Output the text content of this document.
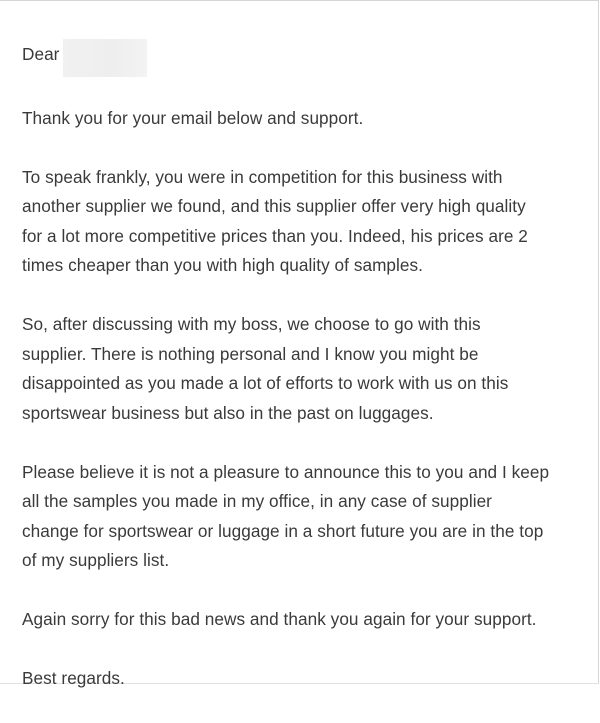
Dear
Thank you for your email below and support.
To speak frankly, you were in competition for this business with
another supplier we found, and this supplier offer very high quality
for a lot more competitive prices than you. Indeed, his prices are 2
times cheaper than you with high quality of samples.
So, after discussing with my boss, we choose to go with this
supplier. There is nothing personal and I know you might be
disappointed as you made a lot of efforts to work with us on this
sportswear business but also in the past on luggages.
Please believe it is not a pleasure to announce this to you and I keep
all the samples you made in my office, in any case of supplier
change for sportswear or luggage in a short future you are in the top
of my suppliers list.
Again sorry for this bad news and thank you again for your support.
Best regards.
